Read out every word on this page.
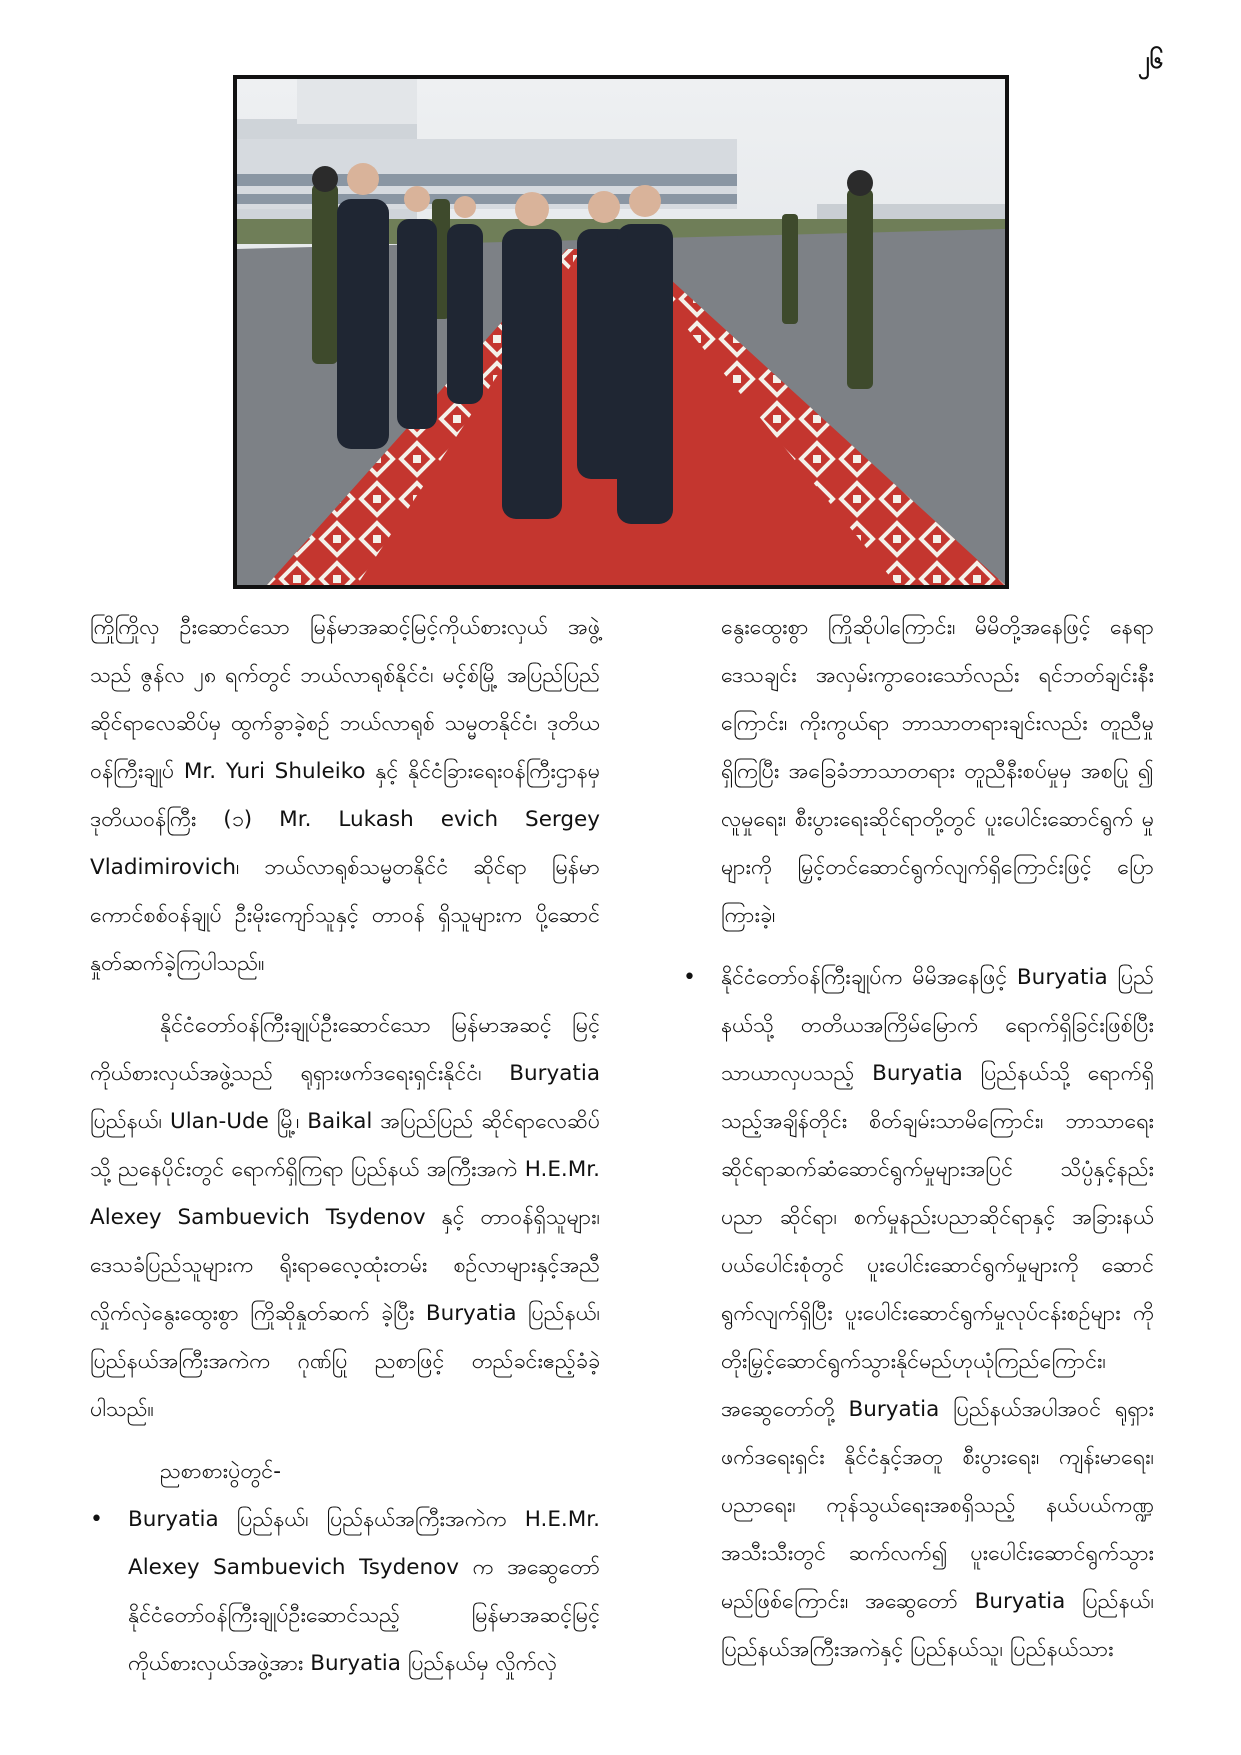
၂၆

ကြိုကြိုလှ ဦးဆောင်သော မြန်မာအဆင့်မြင့်ကိုယ်စားလှယ် အဖွဲ့သည် ဇွန်လ ၂၈ ရက်တွင် ဘယ်လာရုစ်နိုင်ငံ၊ မင့်စ်မြို့ အပြည်ပြည်ဆိုင်ရာလေဆိပ်မှ ထွက်ခွာခဲ့စဉ် ဘယ်လာရုစ် သမ္မတနိုင်ငံ၊ ဒုတိယဝန်ကြီးချုပ် Mr. Yuri Shuleiko နှင့် နိုင်ငံခြားရေးဝန်ကြီးဌာနမှ ဒုတိယဝန်ကြီး (၁) Mr. Lukash evich Sergey Vladimirovich၊ ဘယ်လာရုစ်သမ္မတနိုင်ငံ ဆိုင်ရာ မြန်မာကောင်စစ်ဝန်ချုပ် ဦးမိုးကျော်သူနှင့် တာဝန် ရှိသူများက ပို့ဆောင်နှုတ်ဆက်ခဲ့ကြပါသည်။

နိုင်ငံတော်ဝန်ကြီးချုပ်ဦးဆောင်သော မြန်မာအဆင့် မြင့်ကိုယ်စားလှယ်အဖွဲ့သည် ရုရှားဖက်ဒရေးရှင်းနိုင်ငံ၊ Buryatia ပြည်နယ်၊ Ulan-Ude မြို့၊ Baikal အပြည်ပြည် ဆိုင်ရာလေဆိပ်သို့ ညနေပိုင်းတွင် ရောက်ရှိကြရာ ပြည်နယ် အကြီးအကဲ H.E.Mr. Alexey Sambuevich Tsydenov နှင့် တာဝန်ရှိသူများ၊ ဒေသခံပြည်သူများက ရိုးရာဓလေ့ထုံးတမ်း စဉ်လာများနှင့်အညီ လှိုက်လှဲနွေးထွေးစွာ ကြိုဆိုနှုတ်ဆက် ခဲ့ပြီး Buryatia ပြည်နယ်၊ ပြည်နယ်အကြီးအကဲက ဂုဏ်ပြု ညစာဖြင့် တည်ခင်းဧည့်ခံခဲ့ပါသည်။

ညစာစားပွဲတွင်-

•	Buryatia ပြည်နယ်၊ ပြည်နယ်အကြီးအကဲက H.E.Mr. Alexey Sambuevich Tsydenov က အဆွေတော် နိုင်ငံတော်ဝန်ကြီးချုပ်ဦးဆောင်သည့် မြန်မာအဆင့်မြင့် ကိုယ်စားလှယ်အဖွဲ့အား Buryatia ပြည်နယ်မှ လှိုက်လှဲ

နွေးထွေးစွာ ကြိုဆိုပါကြောင်း၊ မိမိတို့အနေဖြင့် နေရာ ဒေသချင်း အလှမ်းကွာဝေးသော်လည်း ရင်ဘတ်ချင်းနီး ကြောင်း၊ ကိုးကွယ်ရာ ဘာသာတရားချင်းလည်း တူညီမှု ရှိကြပြီး အခြေခံဘာသာတရား တူညီနီးစပ်မှုမှ အစပြု ၍ လူမှုရေး၊ စီးပွားရေးဆိုင်ရာတို့တွင် ပူးပေါင်းဆောင်ရွက် မှုများကို မြှင့်တင်ဆောင်ရွက်လျက်ရှိကြောင်းဖြင့် ပြော ကြားခဲ့၊

•	နိုင်ငံတော်ဝန်ကြီးချုပ်က မိမိအနေဖြင့် Buryatia ပြည် နယ်သို့ တတိယအကြိမ်မြောက် ရောက်ရှိခြင်းဖြစ်ပြီး သာယာလှပသည့် Buryatia ပြည်နယ်သို့ ရောက်ရှိ သည့်အချိန်တိုင်း စိတ်ချမ်းသာမိကြောင်း၊ ဘာသာရေး ဆိုင်ရာဆက်ဆံဆောင်ရွက်မှုများအပြင် သိပ္ပံနှင့်နည်း ပညာ ဆိုင်ရာ၊ စက်မှုနည်းပညာဆိုင်ရာနှင့် အခြားနယ် ပယ်ပေါင်းစုံတွင် ပူးပေါင်းဆောင်ရွက်မှုများကို ဆောင် ရွက်လျက်ရှိပြီး ပူးပေါင်းဆောင်ရွက်မှုလုပ်ငန်းစဉ်များ ကို တိုးမြှင့်ဆောင်ရွက်သွားနိုင်မည်ဟုယုံကြည်ကြောင်း၊ အဆွေတော်တို့ Buryatia ပြည်နယ်အပါအဝင် ရုရှား ဖက်ဒရေးရှင်း နိုင်ငံနှင့်အတူ စီးပွားရေး၊ ကျန်းမာရေး၊ ပညာရေး၊ ကုန်သွယ်ရေးအစရှိသည့် နယ်ပယ်ကဏ္ဍ အသီးသီးတွင် ဆက်လက်၍ ပူးပေါင်းဆောင်ရွက်သွား မည်ဖြစ်ကြောင်း၊ အဆွေတော် Buryatia ပြည်နယ်၊ ပြည်နယ်အကြီးအကဲနှင့် ပြည်နယ်သူ၊ ပြည်နယ်သား
